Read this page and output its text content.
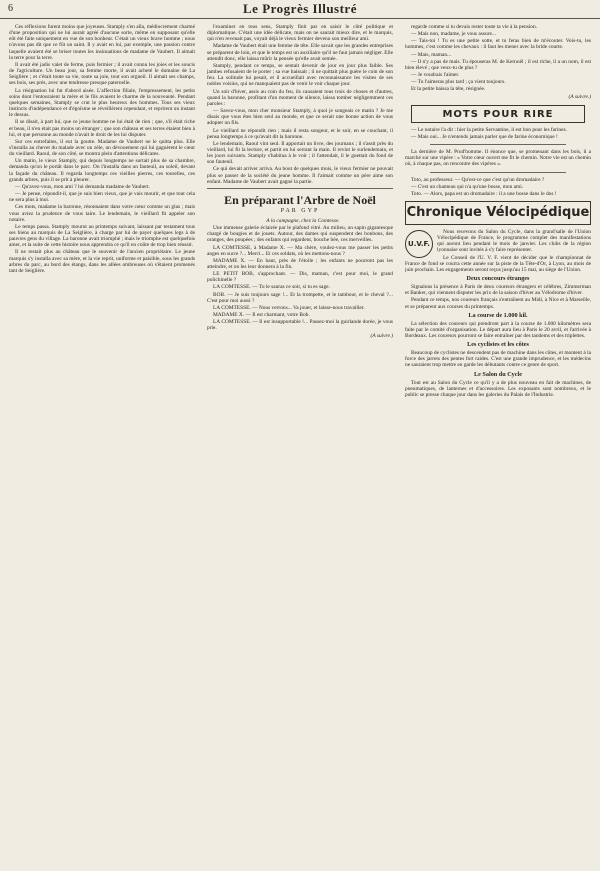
6	Le Progrès Illustré

Ces réflexions furent moins que joyeuses. Stamply s'en alla, médiocrement charmé d'une proposition qui ne lui aurait agréé d'aucune sorte, même en supposant qu'elle eût été faite uniquement en vue de son bonheur. C'était un vieux brave homme ; nous n'avons pas dit que ce fût un saint. Il y avait en lui, par exemple, une passion contre laquelle avaient été se briser toutes les insinuations de madame de Vaubert. Il aimait la terre pour la terre.

Il avait été jadis valet de ferme, puis fermier ; il avait connu les joies et les soucis de l'agriculture. Un beau jour, sa femme morte, il avait acheté le domaine de La Seiglière ; et c'était toute sa vie, toute sa joie, tout son orgueil. Il aimait ses champs, ses bois, ses prés, avec une tendresse presque paternelle.

La résignation lui fut d'abord aisée. L'affection filiale, l'empressement, les petits soins dont l'entouraient la mère et le fils avaient le charme de la nouveauté. Pendant quelques semaines, Stamply se crut le plus heureux des hommes. Tous ses vieux instincts d'indépendance et d'égoïsme se réveillèrent cependant, et reprirent un instant le dessus.

Il se disait, à part lui, que ce jeune homme ne lui était de rien ; que, s'il était riche et beau, il n'en était pas moins un étranger ; que son château et ses terres étaient bien à lui, et que personne au monde n'avait le droit de les lui disputer.

Sur ces entrefaites, il eut la goutte. Madame de Vaubert ne le quitta plus. Elle s'installa au chevet du malade avec un zèle, un dévouement qui lui gagnèrent le cœur du vieillard. Raoul, de son côté, se montra plein d'attentions délicates.

Un matin, le vieux Stamply, qui depuis longtemps ne sortait plus de sa chambre, demanda qu'on le portât dans le parc. On l'installa dans un fauteuil, au soleil, devant la façade du château. Il regarda longtemps ces vieilles pierres, ces tourelles, ces grands arbres, puis il se prit à pleurer.

— Qu'avez-vous, mon ami ? lui demanda madame de Vaubert.

— Je pense, répondit-il, que je suis bien vieux, que je vais mourir, et que tout cela ne sera plus à moi.

Ces mots, madame la baronne, résonnaient dans votre cœur comme un glas ; mais vous aviez la prudence de vous taire. Le lendemain, le vieillard fit appeler son notaire.

Le temps passa. Stamply mourut au printemps suivant, laissant par testament tous ses biens au marquis de La Seiglière, à charge par lui de payer quelques legs à de pauvres gens du village. La baronne avait triomphé ; mais le triomphe est quelquefois amer, et la suite de cette histoire nous apprendra ce qu'il en coûte de trop bien réussir.

Il ne restait plus au château que le souvenir de l'ancien propriétaire. Le jeune marquis s'y installa avec sa mère, et la vie reprit, uniforme et paisible, sous les grands arbres du parc, au bord des étangs, dans les allées ombreuses où s'étaient promenés tant de Seiglière.

l'examiner en tous sens, Stamply finit par en saisir le côté politique et diplomatique. C'était une idée délicate, mais on ne saurait mieux dire, et le marquis, qui n'en revenait pas, voyait déjà le vieux fermier devenu son meilleur ami.

Madame de Vaubert était une femme de tête. Elle savait que les grandes entreprises se préparent de loin, et que le temps est un auxiliaire qu'il ne faut jamais négliger. Elle attendit donc, elle laissa mûrir la pensée qu'elle avait semée.

Stamply, pendant ce temps, se sentait devenir de jour en jour plus faible. Ses jambes refusaient de le porter ; sa vue baissait ; il ne quittait plus guère le coin de son feu. La solitude lui pesait, et il accueillait avec reconnaissance les visites de ses nobles voisins, qui ne manquaient pas de venir le voir chaque jour.

Un soir d'hiver, assis au coin du feu, ils causaient tous trois de choses et d'autres, quand la baronne, profitant d'un moment de silence, laissa tomber négligemment ces paroles :

— Savez-vous, mon cher monsieur Stamply, à quoi je songeais ce matin ? Je me disais que vous êtes bien seul au monde, et que ce serait une bonne action de vous adopter un fils.

Le vieillard ne répondit rien ; mais il resta songeur, et le soir, en se couchant, il pensa longtemps à ce qu'avait dit la baronne.

Le lendemain, Raoul vint seul. Il apportait un livre, des journaux ; il s'assit près du vieillard, lui fit la lecture, et partit en lui serrant la main. Il revint le surlendemain, et les jours suivants. Stamply s'habitua à le voir ; il l'attendait, il le guettait du fond de son fauteuil.

Ce qui devait arriver arriva. Au bout de quelques mois, le vieux fermier ne pouvait plus se passer de la société du jeune homme. Il l'aimait comme un père aime son enfant. Madame de Vaubert avait gagné la partie.

En préparant l'Arbre de Noël
PAR GYP

A la campagne, chez la Comtesse.

Une immense galerie éclairée par le plafond vitré. Au milieu, un sapin gigantesque chargé de bougies et de jouets. Autour, des dames qui suspendent des bonbons, des oranges, des poupées ; des enfants qui regardent, bouche bée, ces merveilles.

LA COMTESSE, à Madame X. — Ma chère, voulez-vous me passer les petits anges en sucre ?... Merci... Et ces soldats, où les mettons-nous ?

MADAME X. — En haut, près de l'étoile ; les enfants ne pourront pas les atteindre, et on les leur donnera à la fin.

LE PETIT BOB, s'approchant. — Dis, maman, c'est pour moi, le grand polichinelle ?

LA COMTESSE. — Tu le sauras ce soir, si tu es sage.

BOB. — Je suis toujours sage !... Et la trompette, et le tambour, et le cheval ?... C'est pour moi aussi ?

LA COMTESSE. — Nous verrons... Va jouer, et laisse-nous travailler.

MADAME X. — Il est charmant, votre Bob.

LA COMTESSE. — Il est insupportable !... Passez-moi la guirlande dorée, je vous prie.

(A suivre.)

regarde comme si tu devais rester toute ta vie à la pension.

— Mais non, madame, je vous assure...

— Tais-toi ! Tu es une petite sotte, et tu feras bien de m'écouter. Vois-tu, les hommes, c'est comme les chevaux : il faut les mener avec la bride courte.

— Mais, maman...

— Il n'y a pas de mais. Tu épouseras M. de Kernoël ; il est riche, il a un nom, il est bien élevé ; que veux-tu de plus ?

— Je voudrais l'aimer.

— Tu l'aimeras plus tard ; ça vient toujours.

Et la petite baissa la tête, résignée.

(A suivre.)

MOTS POUR RIRE

— Le notaire l'a dit : hier la petite Servantine, il est bon pour les farines.

— Mais oui... Je n'entends jamais parler que de farine économique !

La dernière de M. Prud'homme. Il énonce que, se promenant dans les bois, il a marché sur une vipère : « Votre cœur ouvert me fit le chemin. Notre vie est un chemin où, à chaque pas, on rencontre des vipères ».

Toto, au professeur. — Qu'est-ce que c'est qu'un dromadaire ?

— C'est un chameau qui n'a qu'une bosse, mon ami.

Toto. — Alors, papa est un dromadaire : il a une bosse dans le dos !

Chronique Vélocipédique
U.V.F.

Nous recevons du Salon du Cycle, dans la grand'salle de l'Union Vélocipédique de France, le programme complet des manifestations qui auront lieu pendant le mois de janvier. Les clubs de la région lyonnaise sont invités à s'y faire représenter.

Le Conseil de l'U. V. F. vient de décider que le championnat de France de fond se courra cette année sur la piste de la Tête-d'Or, à Lyon, au mois de juin prochain. Les engagements seront reçus jusqu'au 15 mai, au siège de l'Union.

Deux concours étranges

Signalons la présence à Paris de deux coureurs étrangers et célèbres, Zimmerman et Banker, qui viennent disputer les prix de la saison d'hiver au Vélodrome d'hiver.

Pendant ce temps, nos coureurs français s'entraînent au Midi, à Nice et à Marseille, et se préparent aux courses du printemps.

La course de 1.000 kil.

La sélection des coureurs qui prendront part à la course de 1.000 kilomètres sera faite par le comité d'organisation. Le départ aura lieu à Paris le 20 avril, et l'arrivée à Bordeaux. Les coureurs pourront se faire entraîner par des tandems et des triplettes.

Les cyclistes et les côtes

Beaucoup de cyclistes ne descendent pas de machine dans les côtes, et montent à la force des jarrets des pentes fort raides. C'est une grande imprudence, et les médecins ne sauraient trop mettre en garde les débutants contre ce genre de sport.

Le Salon du Cycle

Tout est au Salon du Cycle ce qu'il y a de plus nouveau en fait de machines, de pneumatiques, de lanternes et d'accessoires. Les exposants sont nombreux, et le public se presse chaque jour dans les galeries du Palais de l'Industrie.
